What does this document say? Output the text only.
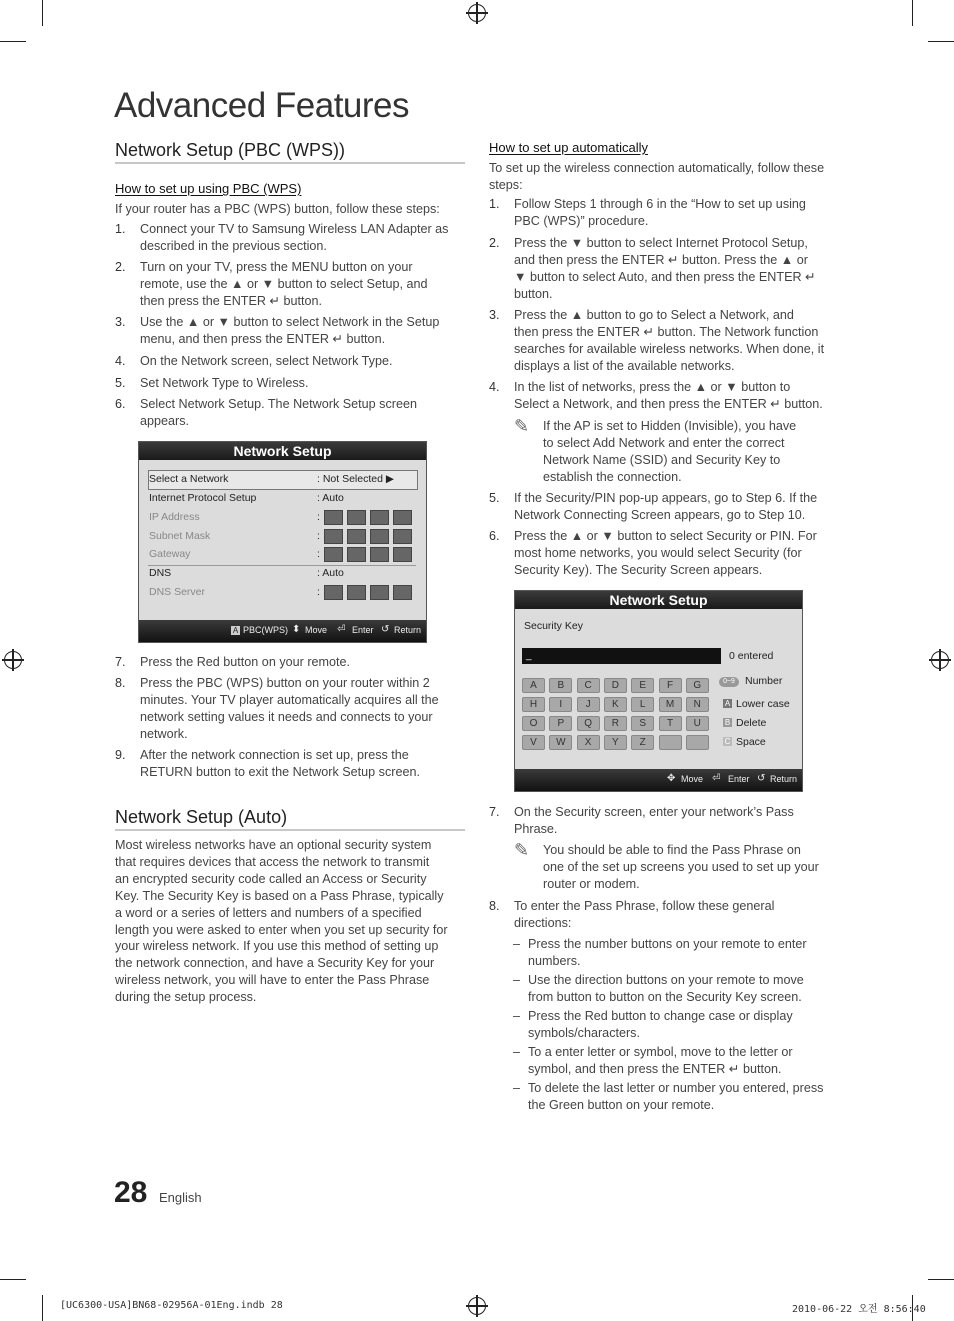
Advanced Features
Network Setup (PBC (WPS))
How to set up using PBC (WPS)
If your router has a PBC (WPS) button, follow these steps:
1. Connect your TV to Samsung Wireless LAN Adapter as
described in the previous section.
2. Turn on your TV, press the MENU button on your
remote, use the ▲ or ▼ button to select Setup, and
then press the ENTER ↵ button.
3. Use the ▲ or ▼ button to select Network in the Setup
menu, and then press the ENTER ↵ button.
4. On the Network screen, select Network Type.
5. Set Network Type to Wireless.
6. Select Network Setup. The Network Setup screen
appears.
7. Press the Red button on your remote.
8. Press the PBC (WPS) button on your router within 2
minutes. Your TV player automatically acquires all the
network setting values it needs and connects to your
network.
9. After the network connection is set up, press the
RETURN button to exit the Network Setup screen.
Network Setup
A PBC(WPS) ⬍ Move ⏎ Enter ↺ Return
Select a Network	: Not Selected ▶
Internet Protocol Setup	: Auto
IP Address	:
Subnet Mask	:
Gateway	:
DNS	: Auto
DNS Server	:
Network Setup (Auto)
Most wireless networks have an optional security system
that requires devices that access the network to transmit
an encrypted security code called an Access or Security
Key. The Security Key is based on a Pass Phrase, typically
a word or a series of letters and numbers of a specified
length you were asked to enter when you set up security for
your wireless network. If you use this method of setting up
the network connection, and have a Security Key for your
wireless network, you will have to enter the Pass Phrase
during the setup process.
How to set up automatically
To set up the wireless connection automatically, follow these
steps:
1. Follow Steps 1 through 6 in the “How to set up using
PBC (WPS)” procedure.
2. Press the ▼ button to select Internet Protocol Setup,
and then press the ENTER ↵ button. Press the ▲ or
▼ button to select Auto, and then press the ENTER ↵
button.
3. Press the ▲ button to go to Select a Network, and
then press the ENTER ↵ button. The Network function
searches for available wireless networks. When done, it
displays a list of the available networks.
4. In the list of networks, press the ▲ or ▼ button to
Select a Network, and then press the ENTER ↵ button.
5. If the Security/PIN pop-up appears, go to Step 6. If the
Network Connecting Screen appears, go to Step 10.
6. Press the ▲ or ▼ button to select Security or PIN. For
most home networks, you would select Security (for
Security Key). The Security Screen appears.
7. On the Security screen, enter your network’s Pass
Phrase.
8. To enter the Pass Phrase, follow these general
directions:
✎ If the AP is set to Hidden (Invisible), you have
to select Add Network and enter the correct
Network Name (SSID) and Security Key to
establish the connection.
✎ You should be able to find the Pass Phrase on
one of the set up screens you used to set up your
router or modem.
– Press the number buttons on your remote to enter
numbers.
– Use the direction buttons on your remote to move
from button to button on the Security Key screen.
– Press the Red button to change case or display
symbols/characters.
– To a enter letter or symbol, move to the letter or
symbol, and then press the ENTER ↵ button.
– To delete the last letter or number you entered, press
the Green button on your remote.
Network Setup
Security Key
_	0 entered
0~9 Number
A Lower case
B Delete
C Space
✥ Move ⏎ Enter ↺ Return
A	B	C	D	E	F	G
H	I	J	K	L	M	N
O	P	Q	R	S	T	U
V	W	X	Y	Z
28 English
[UC6300-USA]BN68-02956A-01Eng.indb 28	2010-06-22 오전 8:56:40
